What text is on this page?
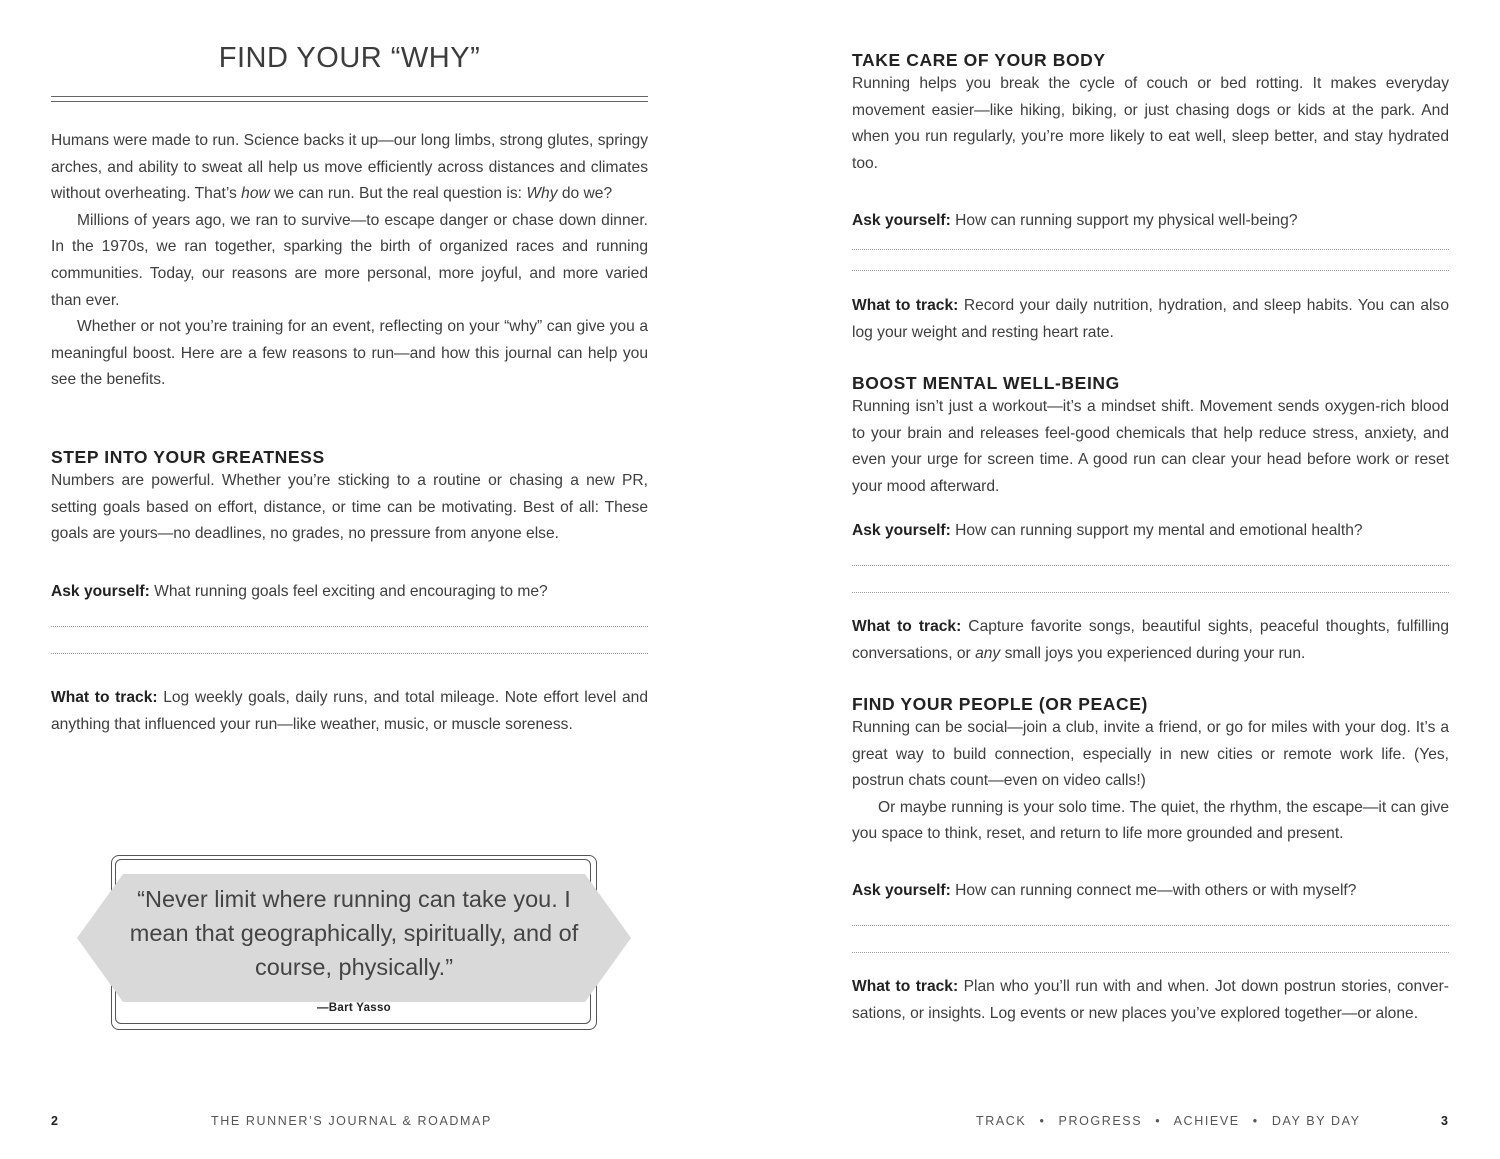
FIND YOUR “WHY”

Humans were made to run. Science backs it up—our long limbs, strong glutes, springy arches, and ability to sweat all help us move efficiently across distances and climates without overheating. That’s how we can run. But the real question is: Why do we?

Millions of years ago, we ran to survive—to escape danger or chase down dinner. In the 1970s, we ran together, sparking the birth of organized races and running communities. Today, our reasons are more personal, more joyful, and more varied than ever.

Whether or not you’re training for an event, reflecting on your “why” can give you a meaningful boost. Here are a few reasons to run—and how this journal can help you see the benefits.

STEP INTO YOUR GREATNESS

Numbers are powerful. Whether you’re sticking to a routine or chasing a new PR, setting goals based on effort, distance, or time can be motivating. Best of all: These goals are yours—no deadlines, no grades, no pressure from anyone else.

Ask yourself: What running goals feel exciting and encouraging to me?

What to track: Log weekly goals, daily runs, and total mileage. Note effort level and anything that influenced your run—like weather, music, or muscle soreness.

2	THE RUNNER’S JOURNAL & ROADMAP
“Never limit where running can take you. I mean that geographically, spiritually, and of course, physically.”
—Bart Yasso

TAKE CARE OF YOUR BODY

Running helps you break the cycle of couch or bed rotting. It makes everyday movement easier—like hiking, biking, or just chasing dogs or kids at the park. And when you run regularly, you’re more likely to eat well, sleep better, and stay hydrated too.

Ask yourself: How can running support my physical well-being?

What to track: Record your daily nutrition, hydration, and sleep habits. You can also log your weight and resting heart rate.

BOOST MENTAL WELL-BEING

Running isn’t just a workout—it’s a mindset shift. Movement sends oxygen-rich blood to your brain and releases feel-good chemicals that help reduce stress, anxiety, and even your urge for screen time. A good run can clear your head before work or reset your mood afterward.

Ask yourself: How can running support my mental and emotional health?

What to track: Capture favorite songs, beautiful sights, peaceful thoughts, fulfilling conversations, or any small joys you experienced during your run.

FIND YOUR PEOPLE (OR PEACE)

Running can be social—join a club, invite a friend, or go for miles with your dog. It’s a great way to build connection, especially in new cities or remote work life. (Yes, postrun chats count—even on video calls!)

Or maybe running is your solo time. The quiet, the rhythm, the escape—it can give you space to think, reset, and return to life more grounded and present.

Ask yourself: How can running connect me—with others or with myself?

What to track: Plan who you’ll run with and when. Jot down postrun stories, conver-sations, or insights. Log events or new places you’ve explored together—or alone.

TRACK • PROGRESS • ACHIEVE • DAY BY DAY	3
